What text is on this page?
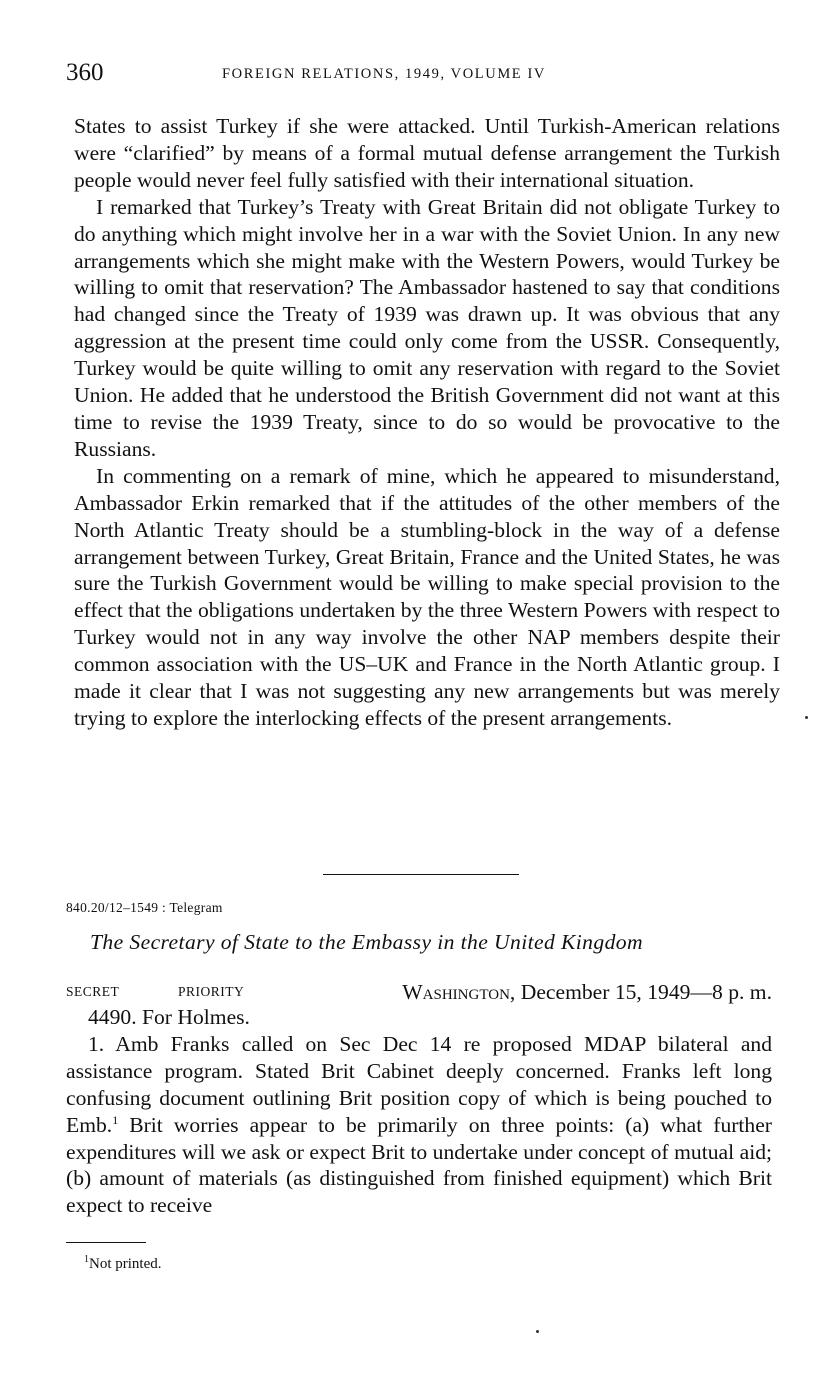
360	FOREIGN RELATIONS, 1949, VOLUME IV

States to assist Turkey if she were attacked. Until Turkish-American relations were “clarified” by means of a formal mutual defense arrangement the Turkish people would never feel fully satisfied with their international situation.

I remarked that Turkey’s Treaty with Great Britain did not obligate Turkey to do anything which might involve her in a war with the Soviet Union. In any new arrangements which she might make with the Western Powers, would Turkey be willing to omit that reservation? The Ambassador hastened to say that conditions had changed since the Treaty of 1939 was drawn up. It was obvious that any aggression at the present time could only come from the USSR. Consequently, Turkey would be quite willing to omit any reservation with regard to the Soviet Union. He added that he understood the British Government did not want at this time to revise the 1939 Treaty, since to do so would be provocative to the Russians.

In commenting on a remark of mine, which he appeared to misunderstand, Ambassador Erkin remarked that if the attitudes of the other members of the North Atlantic Treaty should be a stumbling-block in the way of a defense arrangement between Turkey, Great Britain, France and the United States, he was sure the Turkish Government would be willing to make special provision to the effect that the obligations undertaken by the three Western Powers with respect to Turkey would not in any way involve the other NAP members despite their common association with the US–UK and France in the North Atlantic group. I made it clear that I was not suggesting any new arrangements but was merely trying to explore the interlocking effects of the present arrangements.

840.20/12–1549 : Telegram
The Secretary of State to the Embassy in the United Kingdom
SECRET	PRIORITY	Washington, December 15, 1949—8 p. m.

4490. For Holmes.

1. Amb Franks called on Sec Dec 14 re proposed MDAP bilateral and assistance program. Stated Brit Cabinet deeply concerned. Franks left long confusing document outlining Brit position copy of which is being pouched to Emb.$^1$ Brit worries appear to be primarily on three points: (a) what further expenditures will we ask or expect Brit to undertake under concept of mutual aid; (b) amount of materials (as distinguished from finished equipment) which Brit expect to receive

$^1$Not printed.
